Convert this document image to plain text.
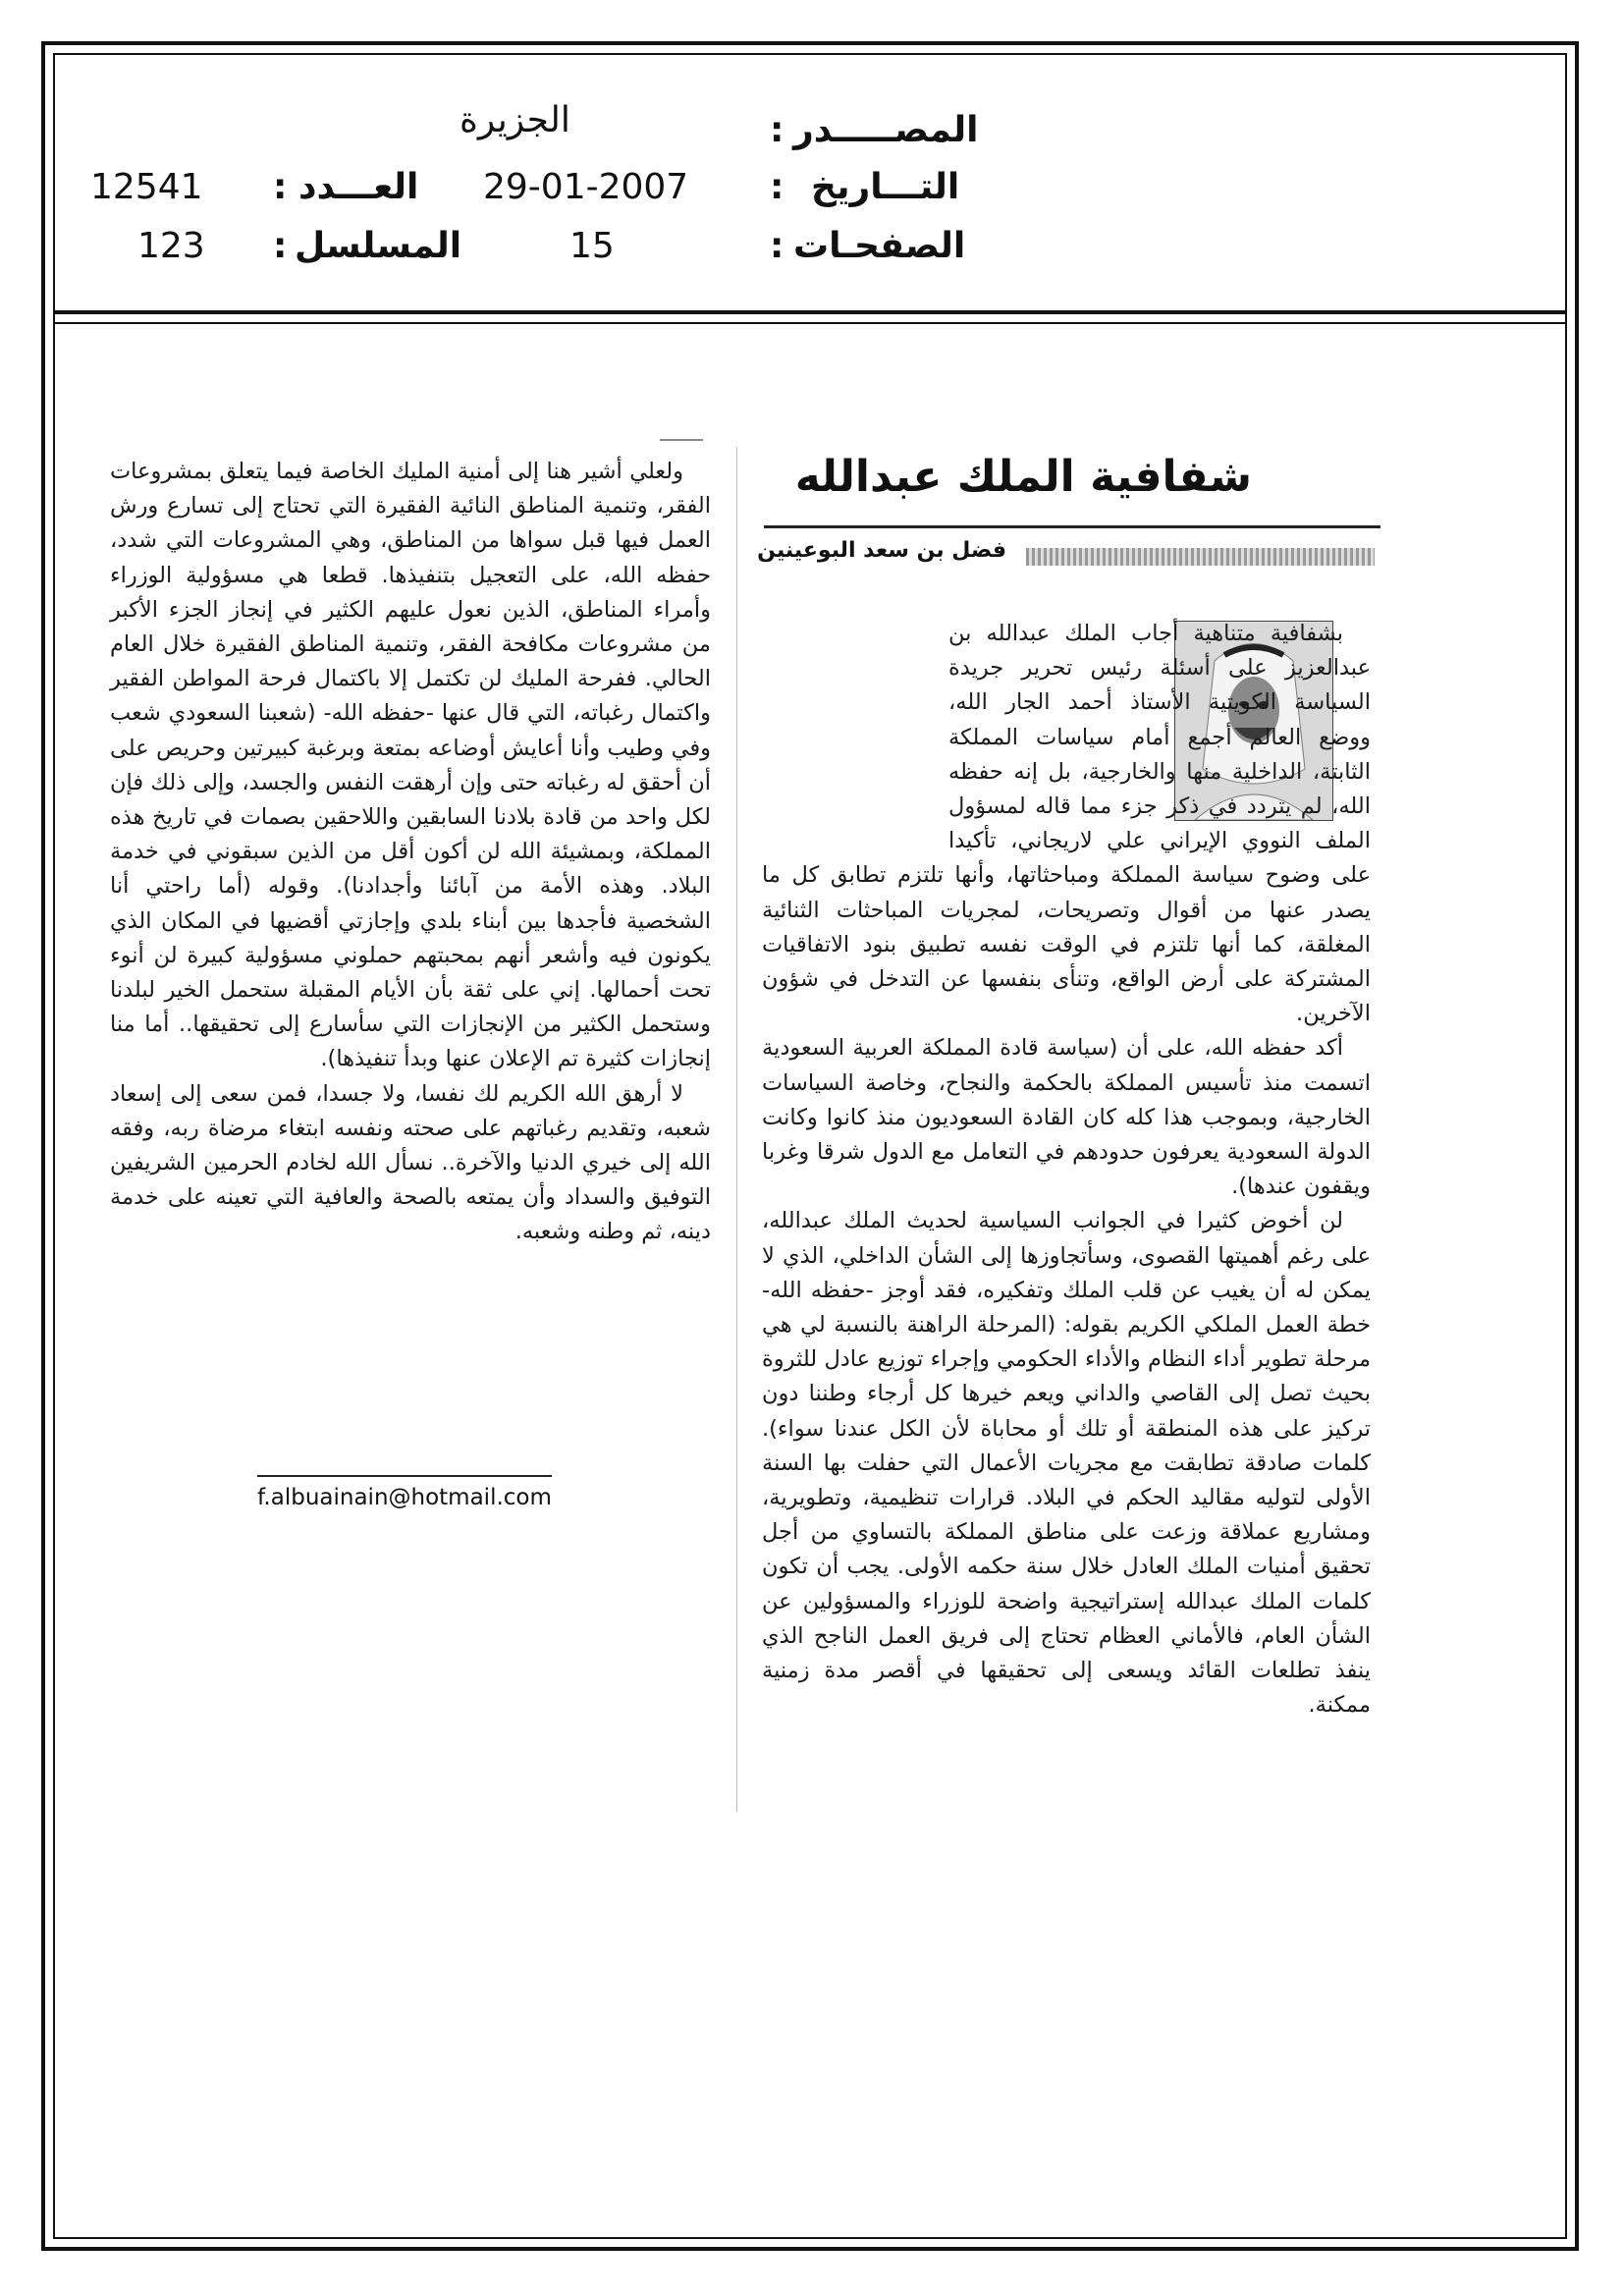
المصـــــدر
:
الجزيرة
التـــاريخ
:
29-01-2007
العـــدد
:
12541
الصفحـات
:
15
المسلسل
:
123
شفافية الملك عبدالله
فضل بن سعد البوعينين

بشفافية متناهية أجاب الملك عبدالله بن عبدالعزيز على أسئلة رئيس تحرير جريدة السياسة الكويتية الأستاذ أحمد الجار الله، ووضع العالم أجمع أمام سياسات المملكة الثابتة، الداخلية منها والخارجية، بل إنه حفظه الله، لم يتردد في ذكر جزء مما قاله لمسؤول الملف النووي الإيراني علي لاريجاني، تأكيدا على وضوح سياسة المملكة ومباحثاتها، وأنها تلتزم تطابق كل ما يصدر عنها من أقوال وتصريحات، لمجريات المباحثات الثنائية المغلقة، كما أنها تلتزم في الوقت نفسه تطبيق بنود الاتفاقيات المشتركة على أرض الواقع، وتنأى بنفسها عن التدخل في شؤون الآخرين.

أكد حفظه الله، على أن (سياسة قادة المملكة العربية السعودية اتسمت منذ تأسيس المملكة بالحكمة والنجاح، وخاصة السياسات الخارجية، وبموجب هذا كله كان القادة السعوديون منذ كانوا وكانت الدولة السعودية يعرفون حدودهم في التعامل مع الدول شرقا وغربا ويقفون عندها).

لن أخوض كثيرا في الجوانب السياسية لحديث الملك عبدالله، على رغم أهميتها القصوى، وسأتجاوزها إلى الشأن الداخلي، الذي لا يمكن له أن يغيب عن قلب الملك وتفكيره، فقد أوجز -حفظه الله- خطة العمل الملكي الكريم بقوله: (المرحلة الراهنة بالنسبة لي هي مرحلة تطوير أداء النظام والأداء الحكومي وإجراء توزيع عادل للثروة بحيث تصل إلى القاصي والداني ويعم خيرها كل أرجاء وطننا دون تركيز على هذه المنطقة أو تلك أو محاباة لأن الكل عندنا سواء). كلمات صادقة تطابقت مع مجريات الأعمال التي حفلت بها السنة الأولى لتوليه مقاليد الحكم في البلاد. قرارات تنظيمية، وتطويرية، ومشاريع عملاقة وزعت على مناطق المملكة بالتساوي من أجل تحقيق أمنيات الملك العادل خلال سنة حكمه الأولى. يجب أن تكون كلمات الملك عبدالله إستراتيجية واضحة للوزراء والمسؤولين عن الشأن العام، فالأماني العظام تحتاج إلى فريق العمل الناجح الذي ينفذ تطلعات القائد ويسعى إلى تحقيقها في أقصر مدة زمنية ممكنة.

ولعلي أشير هنا إلى أمنية المليك الخاصة فيما يتعلق بمشروعات الفقر، وتنمية المناطق النائية الفقيرة التي تحتاج إلى تسارع ورش العمل فيها قبل سواها من المناطق، وهي المشروعات التي شدد، حفظه الله، على التعجيل بتنفيذها. قطعا هي مسؤولية الوزراء وأمراء المناطق، الذين نعول عليهم الكثير في إنجاز الجزء الأكبر من مشروعات مكافحة الفقر، وتنمية المناطق الفقيرة خلال العام الحالي. ففرحة المليك لن تكتمل إلا باكتمال فرحة المواطن الفقير واكتمال رغباته، التي قال عنها -حفظه الله- (شعبنا السعودي شعب وفي وطيب وأنا أعايش أوضاعه بمتعة وبرغبة كبيرتين وحريص على أن أحقق له رغباته حتى وإن أرهقت النفس والجسد، وإلى ذلك فإن لكل واحد من قادة بلادنا السابقين واللاحقين بصمات في تاريخ هذه المملكة، وبمشيئة الله لن أكون أقل من الذين سبقوني في خدمة البلاد. وهذه الأمة من آبائنا وأجدادنا). وقوله (أما راحتي أنا الشخصية فأجدها بين أبناء بلدي وإجازتي أقضيها في المكان الذي يكونون فيه وأشعر أنهم بمحبتهم حملوني مسؤولية كبيرة لن أنوء تحت أحمالها. إني على ثقة بأن الأيام المقبلة ستحمل الخير لبلدنا وستحمل الكثير من الإنجازات التي سأسارع إلى تحقيقها.. أما منا إنجازات كثيرة تم الإعلان عنها وبدأ تنفيذها).

لا أرهق الله الكريم لك نفسا، ولا جسدا، فمن سعى إلى إسعاد شعبه، وتقديم رغباتهم على صحته ونفسه ابتغاء مرضاة ربه، وفقه الله إلى خيري الدنيا والآخرة.. نسأل الله لخادم الحرمين الشريفين التوفيق والسداد وأن يمتعه بالصحة والعافية التي تعينه على خدمة دينه، ثم وطنه وشعبه.

f.albuainain@hotmail.com
